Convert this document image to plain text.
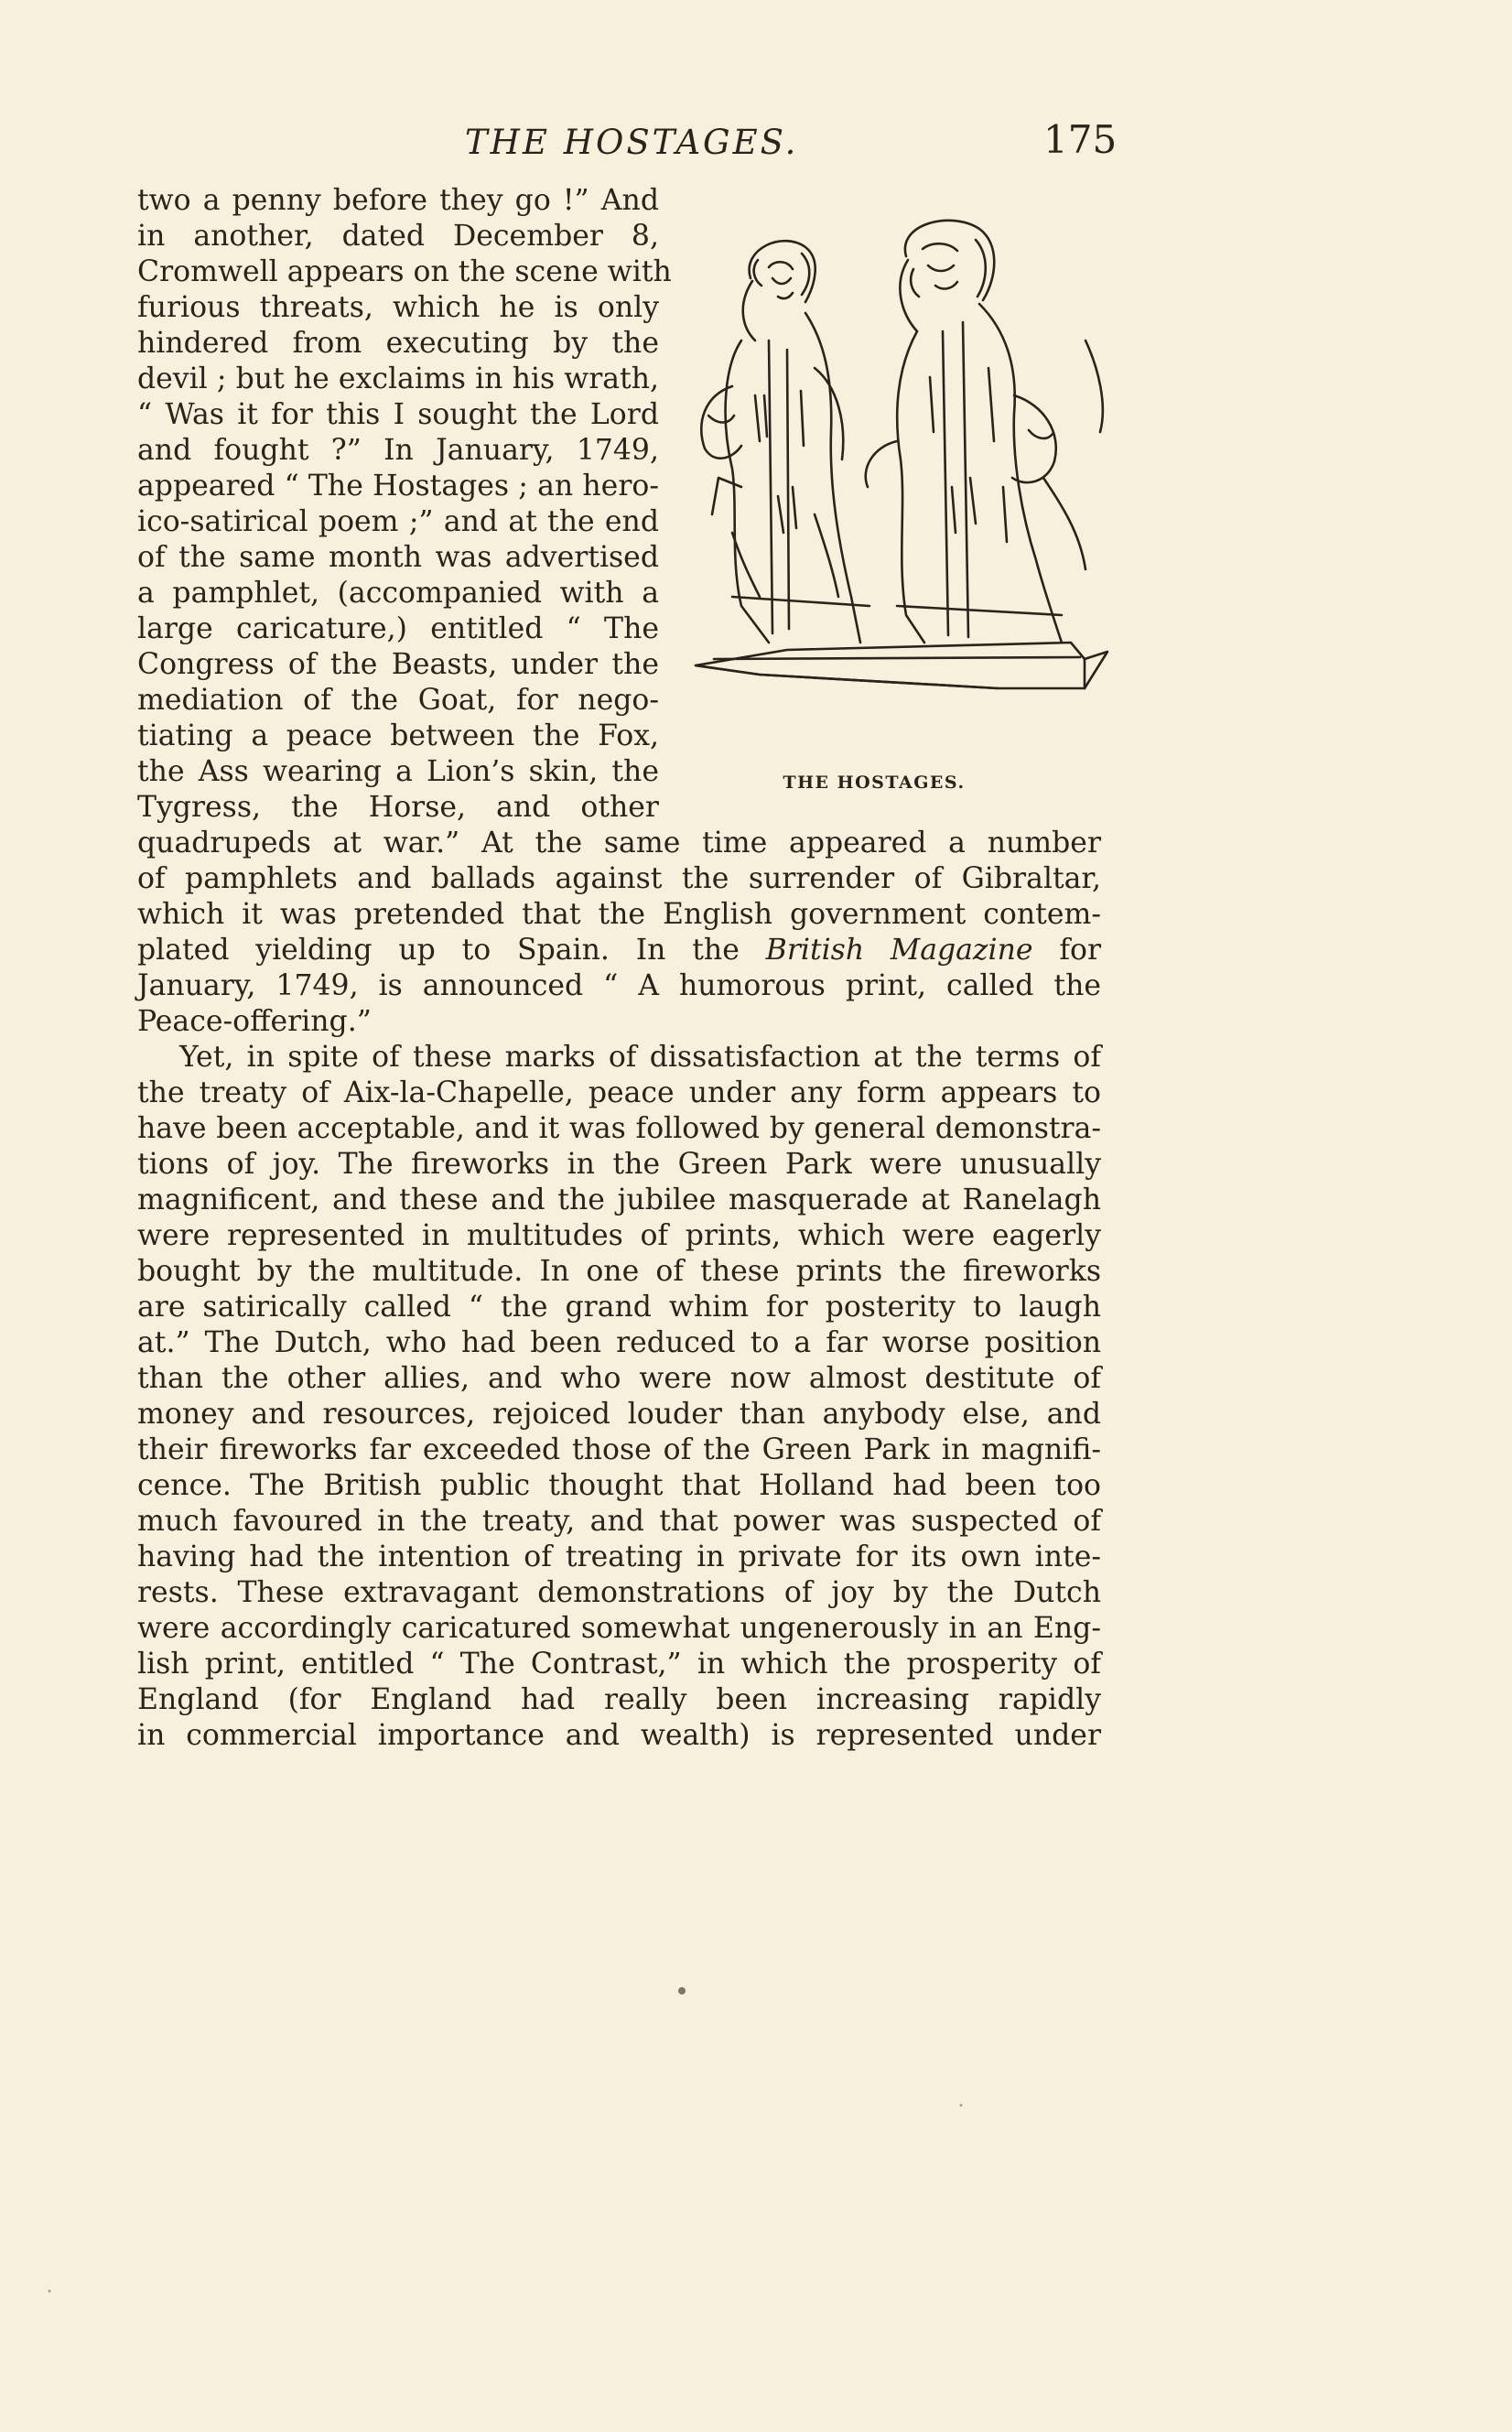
THE HOSTAGES.	175
two a penny before they go !” And
in another, dated December 8,
Cromwell appears on the scene with
furious threats, which he is only
hindered from executing by the
devil ; but he exclaims in his wrath,
“ Was it for this I sought the Lord
and fought ?” In January, 1749,
appeared “ The Hostages ; an hero-
ico-satirical poem ;” and at the end
of the same month was advertised
a pamphlet, (accompanied with a
large caricature,) entitled “ The
Congress of the Beasts, under the
mediation of the Goat, for nego-
tiating a peace between the Fox,
the Ass wearing a Lion’s skin, the
Tygress, the Horse, and other
quadrupeds at war.” At the same time appeared a number
of pamphlets and ballads against the surrender of Gibraltar,
which it was pretended that the English government contem-
plated yielding up to Spain. In the British Magazine for
January, 1749, is announced “ A humorous print, called the
Peace-offering.”
Yet, in spite of these marks of dissatisfaction at the terms of
the treaty of Aix-la-Chapelle, peace under any form appears to
have been acceptable, and it was followed by general demonstra-
tions of joy. The fireworks in the Green Park were unusually
magnificent, and these and the jubilee masquerade at Ranelagh
were represented in multitudes of prints, which were eagerly
bought by the multitude. In one of these prints the fireworks
are satirically called “ the grand whim for posterity to laugh
at.” The Dutch, who had been reduced to a far worse position
than the other allies, and who were now almost destitute of
money and resources, rejoiced louder than anybody else, and
their fireworks far exceeded those of the Green Park in magnifi-
cence. The British public thought that Holland had been too
much favoured in the treaty, and that power was suspected of
having had the intention of treating in private for its own inte-
rests. These extravagant demonstrations of joy by the Dutch
were accordingly caricatured somewhat ungenerously in an Eng-
lish print, entitled “ The Contrast,” in which the prosperity of
England (for England had really been increasing rapidly
in commercial importance and wealth) is represented under
THE HOSTAGES.
